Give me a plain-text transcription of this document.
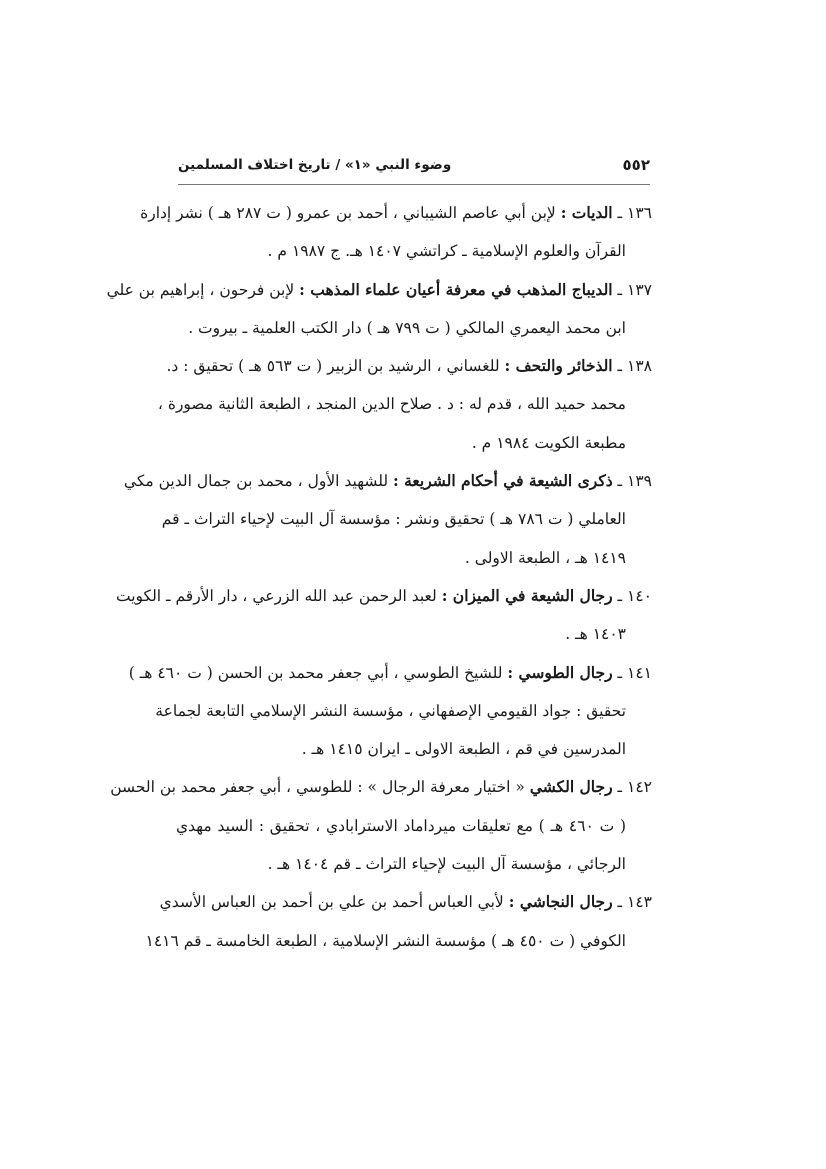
٥٥٢
وضوء النبي «١» / تاريخ اختلاف المسلمين
١٣٦ ـ الديات : لإبن أبي عاصم الشيباني ، أحمد بن عمرو ( ت ٢٨٧ هـ ) نشر إدارة
القرآن والعلوم الإسلامية ـ كراتشي ١٤٠٧ هـ. ج ١٩٨٧ م .
١٣٧ ـ الديباج المذهب في معرفة أعيان علماء المذهب : لإبن فرحون ، إبراهيم بن علي
ابن محمد اليعمري المالكي ( ت ٧٩٩ هـ ) دار الكتب العلمية ـ بيروت .
١٣٨ ـ الذخائر والتحف : للغساني ، الرشيد بن الزبير ( ت ٥٦٣ هـ ) تحقيق : د.
محمد حميد الله ، قدم له : د . صلاح الدين المنجد ، الطبعة الثانية مصورة ،
مطبعة الكويت ١٩٨٤ م .
١٣٩ ـ ذكرى الشيعة في أحكام الشريعة : للشهيد الأول ، محمد بن جمال الدين مكي
العاملي ( ت ٧٨٦ هـ ) تحقيق ونشر : مؤسسة آل البيت لإحياء التراث ـ قم
١٤١٩ هـ ، الطبعة الاولى .
١٤٠ ـ رجال الشيعة في الميزان : لعبد الرحمن عبد الله الزرعي ، دار الأرقم ـ الكويت
١٤٠٣ هـ .
١٤١ ـ رجال الطوسي : للشيخ الطوسي ، أبي جعفر محمد بن الحسن ( ت ٤٦٠ هـ )
تحقيق : جواد القيومي الإصفهاني ، مؤسسة النشر الإسلامي التابعة لجماعة
المدرسين في قم ، الطبعة الاولى ـ ايران ١٤١٥ هـ .
١٤٢ ـ رجال الكشي « اختيار معرفة الرجال » : للطوسي ، أبي جعفر محمد بن الحسن
( ت ٤٦٠ هـ ) مع تعليقات ميرداماد الاسترابادي ، تحقيق : السيد مهدي
الرجائي ، مؤسسة آل البيت لإحياء التراث ـ قم ١٤٠٤ هـ .
١٤٣ ـ رجال النجاشي : لأبي العباس أحمد بن علي بن أحمد بن العباس الأسدي
الكوفي ( ت ٤٥٠ هـ ) مؤسسة النشر الإسلامية ، الطبعة الخامسة ـ قم ١٤١٦
